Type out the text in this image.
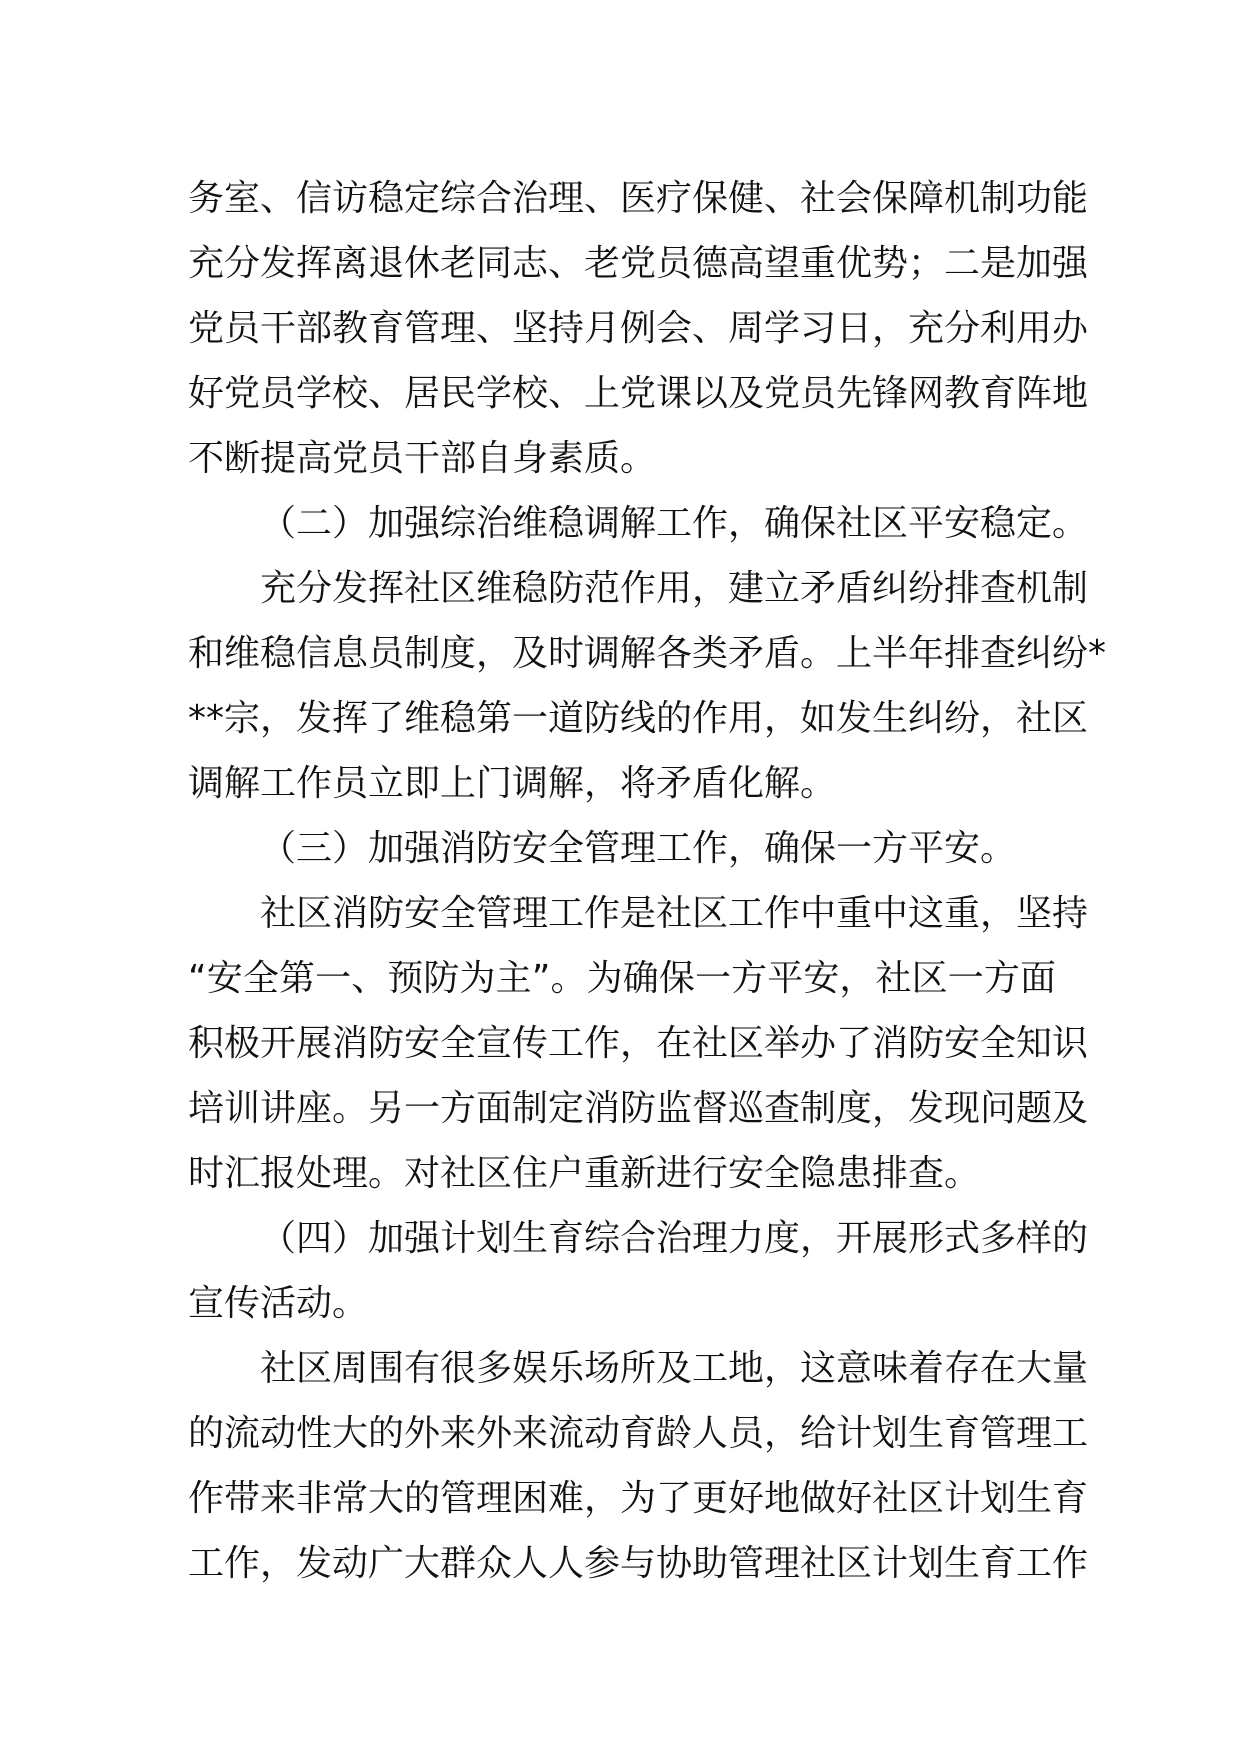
务室、信访稳定综合治理、医疗保健、社会保障机制功能
充分发挥离退休老同志、老党员德高望重优势；二是加强
党员干部教育管理、坚持月例会、周学习日，充分利用办
好党员学校、居民学校、上党课以及党员先锋网教育阵地
不断提高党员干部自身素质。
（二）加强综治维稳调解工作，确保社区平安稳定。
充分发挥社区维稳防范作用，建立矛盾纠纷排查机制
和维稳信息员制度，及时调解各类矛盾。上半年排查纠纷*
**宗，发挥了维稳第一道防线的作用，如发生纠纷，社区
调解工作员立即上门调解，将矛盾化解。
（三）加强消防安全管理工作，确保一方平安。
社区消防安全管理工作是社区工作中重中这重，坚持
“安全第一、预防为主”。为确保一方平安，社区一方面
积极开展消防安全宣传工作，在社区举办了消防安全知识
培训讲座。另一方面制定消防监督巡查制度，发现问题及
时汇报处理。对社区住户重新进行安全隐患排查。
（四）加强计划生育综合治理力度，开展形式多样的
宣传活动。
社区周围有很多娱乐场所及工地，这意味着存在大量
的流动性大的外来外来流动育龄人员，给计划生育管理工
作带来非常大的管理困难，为了更好地做好社区计划生育
工作，发动广大群众人人参与协助管理社区计划生育工作
